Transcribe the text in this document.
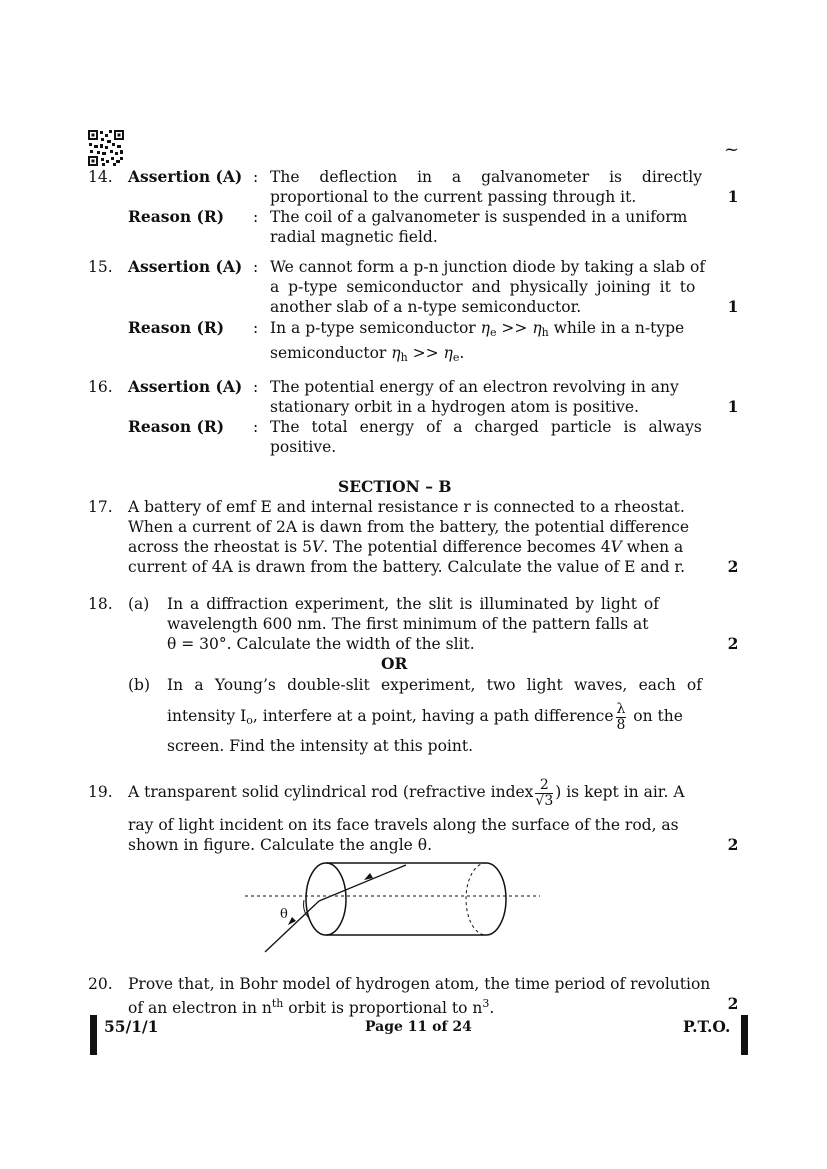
~
14. Assertion (A) : The deflection in a galvanometer is directly
proportional to the current passing through it.	1
Reason (R) : The coil of a galvanometer is suspended in a uniform
radial magnetic field.
15. Assertion (A) : We cannot form a p-n junction diode by taking a slab of
a p-type semiconductor and physically joining it to
another slab of a n-type semiconductor.	1
Reason (R) : In a p-type semiconductor $\eta_e >> \eta_h$ while in a n-type
semiconductor $\eta_h >> \eta_e$.
16. Assertion (A) : The potential energy of an electron revolving in any
stationary orbit in a hydrogen atom is positive.	1
Reason (R) : The total energy of a charged particle is always
positive.
SECTION – B
17. A battery of emf E and internal resistance r is connected to a rheostat.
When a current of 2A is dawn from the battery, the potential difference
across the rheostat is 5V. The potential difference becomes 4V when a
current of 4A is drawn from the battery. Calculate the value of E and r.	2
18. (a) In a diffraction experiment, the slit is illuminated by light of
wavelength 600 nm. The first minimum of the pattern falls at
θ = 30°. Calculate the width of the slit.	2
OR
(b) In a Young’s double-slit experiment, two light waves, each of
intensity $I_o$, interfere at a point, having a path difference $\frac{\lambda}{8}$ on the
screen. Find the intensity at this point.
19. A transparent solid cylindrical rod (refractive index $\frac{2}{√3}$ ) is kept in air. A
ray of light incident on its face travels along the surface of the rod, as
shown in figure. Calculate the angle θ.	2
θ
20. Prove that, in Bohr model of hydrogen atom, the time period of revolution
of an electron in $n^{th}$ orbit is proportional to $n^3$.	2
55/1/1	Page 11 of 24	P.T.O.
